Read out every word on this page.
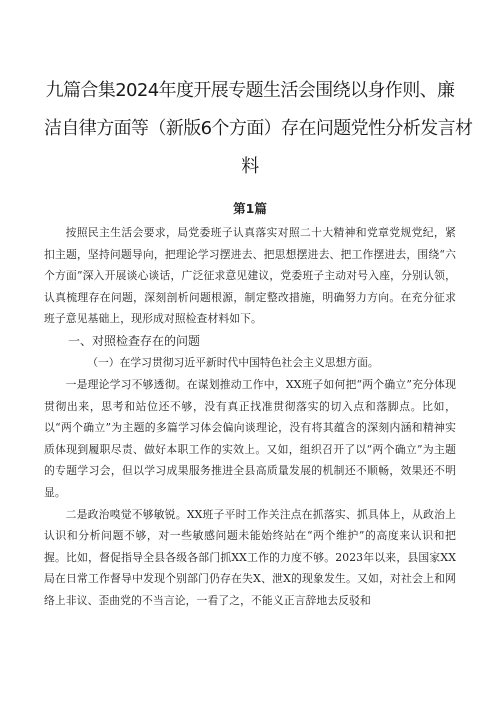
九篇合集2024年度开展专题生活会围绕以身作则、廉
洁自律方面等（新版6个方面）存在问题党性分析发言材
料
第1篇

按照民主生活会要求，局党委班子认真落实对照二十大精神和党章党规党纪，紧扣主题，坚持问题导向，把理论学习摆进去、把思想摆进去、把工作摆进去，围绕“六个方面”深入开展谈心谈话，广泛征求意见建议，党委班子主动对号入座，分别认领，认真梳理存在问题，深刻剖析问题根源，制定整改措施，明确努力方向。在充分征求班子意见基础上，现形成对照检查材料如下。

一、对照检查存在的问题
（一）在学习贯彻习近平新时代中国特色社会主义思想方面。

一是理论学习不够透彻。在谋划推动工作中，XX班子如何把“两个确立”充分体现贯彻出来，思考和站位还不够，没有真正找准贯彻落实的切入点和落脚点。比如，以“两个确立”为主题的多篇学习体会偏向谈理论，没有将其蕴含的深刻内涵和精神实质体现到履职尽责、做好本职工作的实效上。又如，组织召开了以“两个确立”为主题的专题学习会，但以学习成果服务推进全县高质量发展的机制还不顺畅，效果还不明显。

二是政治嗅觉不够敏锐。XX班子平时工作关注点在抓落实、抓具体上，从政治上认识和分析问题不够，对一些敏感问题未能始终站在“两个维护”的高度来认识和把握。比如，督促指导全县各级各部门抓XX工作的力度不够。2023年以来，县国家XX局在日常工作督导中发现个别部门仍存在失X、泄X的现象发生。又如，对社会上和网络上非议、歪曲党的不当言论，一看了之，不能义正言辞地去反驳和
